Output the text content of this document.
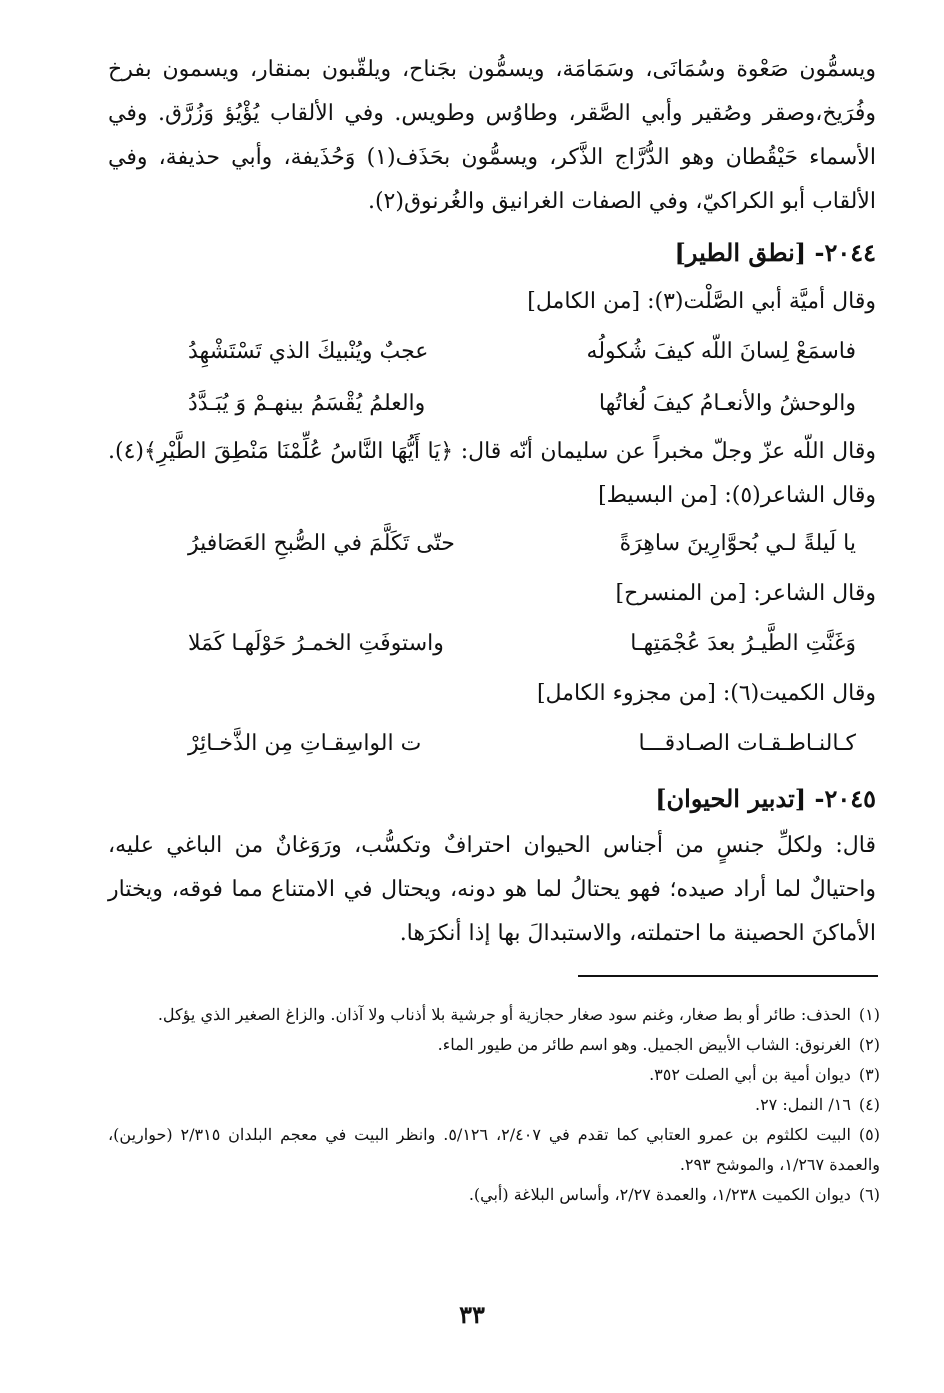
ويسمُّون صَعْوة وسُمَانَى، وسَمَامَة، ويسمُّون بجَناح، ويلقّبون بمنقار، ويسمون بفرخ وفُرَيخ،وصقر وصُقير وأبي الصَّقر، وطاوُس وطويس. وفي الألقاب يُؤْيُؤ وَزُرَّق. وفي الأسماء حَيْقُطان وهو الدُّرَّاج الذَّكر، ويسمُّون بحَذَف(١) وَحُذَيفة، وأبي حذيفة، وفي الألقاب أبو الكراكيّ، وفي الصفات الغرانيق والغُرنوق(٢).

٢٠٤٤- [نطق الطير]

وقال أميَّة أبي الصَّلْت(٣): [من الكامل]

فاسمَعْ لِسانَ اللّه كيفَ شُكولُه
عجبٌ ويُنْبيكَ الذي تَسْتَشْهِدُ
والوحشُ والأنعـامُ كيفَ لُغاتُها
والعلمُ يُقْسَمُ بينهـمْ وَ يُبَـدَّدُ

وقال اللّه عزّ وجلّ مخبراً عن سليمان أنّه قال: ﴿يَا أَيُّهَا النَّاسُ عُلِّمْنَا مَنْطِقَ الطَّيْرِ﴾(٤). وقال الشاعر(٥): [من البسيط]

يا لَيلةً لـي بُحوَّارِينَ ساهِرَةً
حتّى تَكَلَّمَ في الصُّبحِ العَصَافيرُ

وقال الشاعر: [من المنسرح]

وَغَنَّتِ الطَّيـرُ بعدَ عُجْمَتِهـا
واستوفَتِ الخمـرُ حَوْلَهـا كَمَلا

وقال الكميت(٦): [من مجزوء الكامل]

كـالنـاطـقـات الصـادقـــا
ت الواسِقـاتِ مِن الذَّخـائِرْ
٢٠٤٥- [تدبير الحيوان]

قال: ولكلِّ جنسٍ من أجناس الحيوان احترافٌ وتكسُّب، ورَوَغانٌ من الباغي عليه، واحتيالٌ لما أراد صيده؛ فهو يحتالُ لما هو دونه، ويحتال في الامتناع مما فوقه، ويختار الأماكنَ الحصينة ما احتملته، والاستبدالَ بها إذا أنكرَها.

(١)الحذف: طائر أو بط صغار، وغنم سود صغار حجازية أو جرشية بلا أذناب ولا آذان. والزاغ الصغير الذي يؤكل.

(٢)الغرنوق: الشاب الأبيض الجميل. وهو اسم طائر من طيور الماء.

(٣)ديوان أمية بن أبي الصلت ٣٥٢.

(٤)١٦/ النمل: ٢٧.

(٥)البيت لكلثوم بن عمرو العتابي كما تقدم في ٢/٤٠٧، ٥/١٢٦. وانظر البيت في معجم البلدان ٢/٣١٥ (حوارين)، والعمدة ١/٢٦٧، والموشح ٢٩٣.

(٦)ديوان الكميت ١/٢٣٨، والعمدة ٢/٢٧، وأساس البلاغة (أبي).

٣٣
